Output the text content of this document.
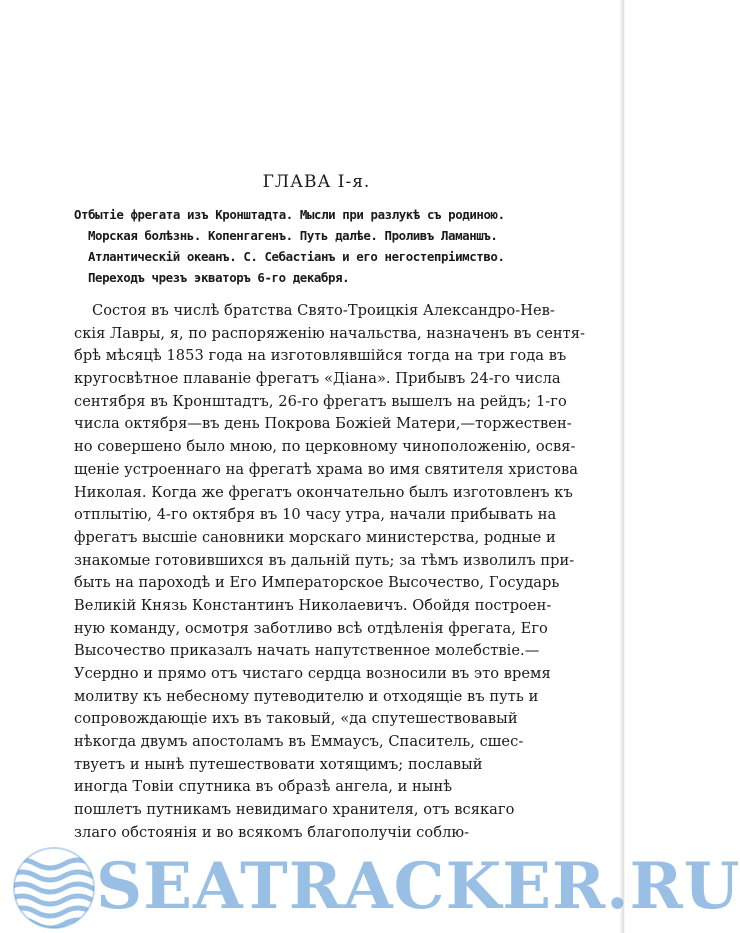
ГЛАВА I-я.
Отбытіе фрегата изъ Кронштадта. Мысли при разлукѣ съ родиною.
Морская болѣзнь. Копенгагенъ. Путь далѣе. Проливъ Ламаншъ.
Атлантическій океанъ. С. Себастіанъ и его негостепріимство.
Переходъ чрезъ экваторъ 6-го декабря.
Состоя въ числѣ братства Свято-Троицкія Александро-Нев-
скія Лавры, я, по распоряженію начальства, назначенъ въ сентя-
брѣ мѣсяцѣ 1853 года на изготовлявшійся тогда на три года въ
кругосвѣтное плаваніе фрегатъ «Діана». Прибывъ 24-го числа
сентября въ Кронштадтъ, 26-го фрегатъ вышелъ на рейдъ; 1-го
числа октября—въ день Покрова Божіей Матери,—торжествен-
но совершено было мною, по церковному чиноположенію, освя-
щеніе устроеннаго на фрегатѣ храма во имя святителя христова
Николая. Когда же фрегатъ окончательно былъ изготовленъ къ
отплытію, 4-го октября въ 10 часу утра, начали прибывать на
фрегатъ высшіе сановники морскаго министерства, родные и
знакомые готовившихся въ дальній путь; за тѣмъ изволилъ при-
быть на пароходѣ и Его Императорское Высочество, Государь
Великій Князь Константинъ Николаевичъ. Обойдя построен-
ную команду, осмотря заботливо всѣ отдѣленія фрегата, Его
Высочество приказалъ начать напутственное молебствіе.—
Усердно и прямо отъ чистаго сердца возносили въ это время
молитву къ небесному путеводителю и отходящіе въ путь и
сопровождающіе ихъ въ таковый, «да спутешествовавый
нѣкогда двумъ апостоламъ въ Еммаусъ, Спаситель, сшес-
твуетъ и нынѣ путешествовати хотящимъ; пославый
иногда Товіи спутника въ образѣ ангела, и нынѣ
пошлетъ путникамъ невидимаго хранителя, отъ всякаго
злаго обстоянія и во всякомъ благополучіи соблю-
SEATRACKER.RU
